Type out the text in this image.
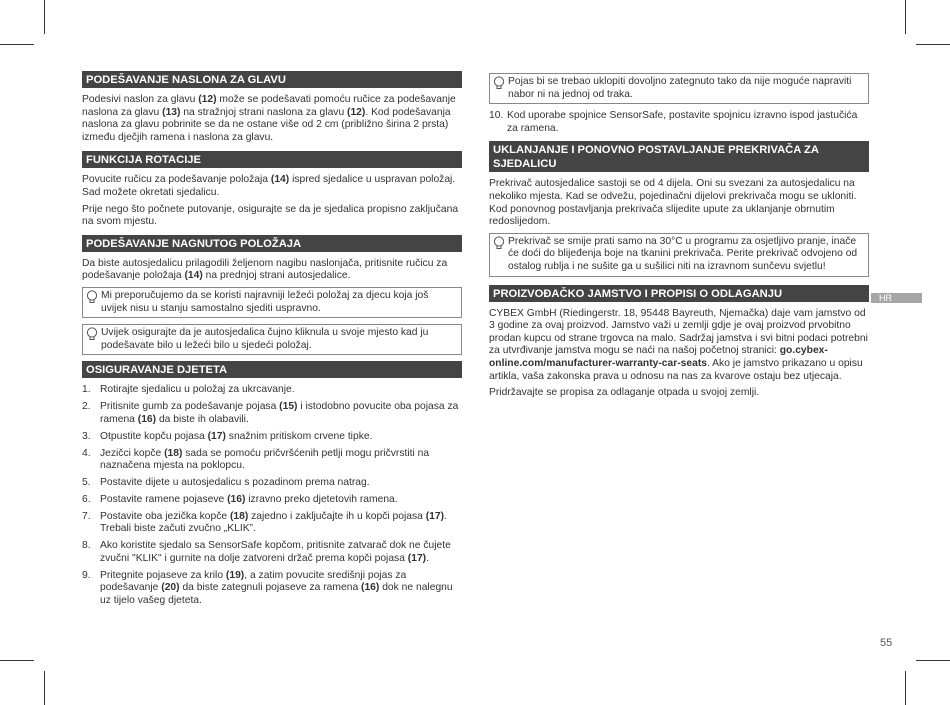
PODEŠAVANJE NASLONA ZA GLAVU
Podesivi naslon za glavu (12) može se podešavati pomoću ručice za podešavanje naslona za glavu (13) na stražnjoj strani naslona za glavu (12). Kod podešavanja naslona za glavu pobrinite se da ne ostane više od 2 cm (približno širina 2 prsta) između dječjih ramena i naslona za glavu.
FUNKCIJA ROTACIJE
Povucite ručicu za podešavanje položaja (14) ispred sjedalice u uspravan položaj. Sad možete okretati sjedalicu.
Prije nego što počnete putovanje, osigurajte se da je sjedalica propisno zaključana na svom mjestu.
PODEŠAVANJE NAGNUTOG POLOŽAJA
Da biste autosjedalicu prilagodili željenom nagibu naslonjača, pritisnite ručicu za podešavanje položaja (14) na prednjoj strani autosjedalice.
Mi preporučujemo da se koristi najravniji ležeći položaj za djecu koja još uvijek nisu u stanju samostalno sjediti uspravno.
Uvijek osigurajte da je autosjedalica čujno kliknula u svoje mjesto kad ju podešavate bilo u ležeći bilo u sjedeći položaj.
OSIGURAVANJE DJETETA
1. Rotirajte sjedalicu u položaj za ukrcavanje.
2. Pritisnite gumb za podešavanje pojasa (15) i istodobno povucite oba pojasa za ramena (16) da biste ih olabavili.
3. Otpustite kopču pojasa (17) snažnim pritiskom crvene tipke.
4. Jezičci kopče (18) sada se pomoću pričvršćenih petlji mogu pričvrstiti na naznačena mjesta na poklopcu.
5. Postavite dijete u autosjedalicu s pozadinom prema natrag.
6. Postavite ramene pojaseve (16) izravno preko djetetovih ramena.
7. Postavite oba jezička kopče (18) zajedno i zaključajte ih u kopči pojasa (17). Trebali biste začuti zvučno „KLIK”.
8. Ako koristite sjedalo sa SensorSafe kopčom, pritisnite zatvarač dok ne čujete zvučni "KLIK" i gurnite na dolje zatvoreni držač prema kopči pojasa (17).
9. Pritegnite pojaseve za krilo (19), a zatim povucite središnji pojas za podešavanje (20) da biste zategnuli pojaseve za ramena (16) dok ne nalegnu uz tijelo vašeg djeteta.
Pojas bi se trebao uklopiti dovoljno zategnuto tako da nije moguće napraviti nabor ni na jednoj od traka.
10. Kod uporabe spojnice SensorSafe, postavite spojnicu izravno ispod jastučića za ramena.
UKLANJANJE I PONOVNO POSTAVLJANJE PREKRIVAČA ZA SJEDALICU
Prekrivač autosjedalice sastoji se od 4 dijela. Oni su svezani za autosjedalicu na nekoliko mjesta. Kad se odvežu, pojedinačni dijelovi prekrivača mogu se ukloniti. Kod ponovnog postavljanja prekrivača slijedite upute za uklanjanje obrnutim redoslijedom.
Prekrivač se smije prati samo na 30°C u programu za osjetljivo pranje, inače će doći do blijeđenja boje na tkanini prekrivača. Perite prekrivač odvojeno od ostalog rublja i ne sušite ga u sušilici niti na izravnom sunčevu svjetlu!
PROIZVOĐAČKO JAMSTVO I PROPISI O ODLAGANJU
CYBEX GmbH (Riedingerstr. 18, 95448 Bayreuth, Njemačka) daje vam jamstvo od 3 godine za ovaj proizvod. Jamstvo važi u zemlji gdje je ovaj proizvod prvobitno prodan kupcu od strane trgovca na malo. Sadržaj jamstva i svi bitni podaci potrebni za utvrđivanje jamstva mogu se naći na našoj početnoj stranici: go.cybex-online.com/manufacturer-warranty-car-seats. Ako je jamstvo prikazano u opisu artikla, vaša zakonska prava u odnosu na nas za kvarove ostaju bez utjecaja.
Pridržavajte se propisa za odlaganje otpada u svojoj zemlji.
HR
55
